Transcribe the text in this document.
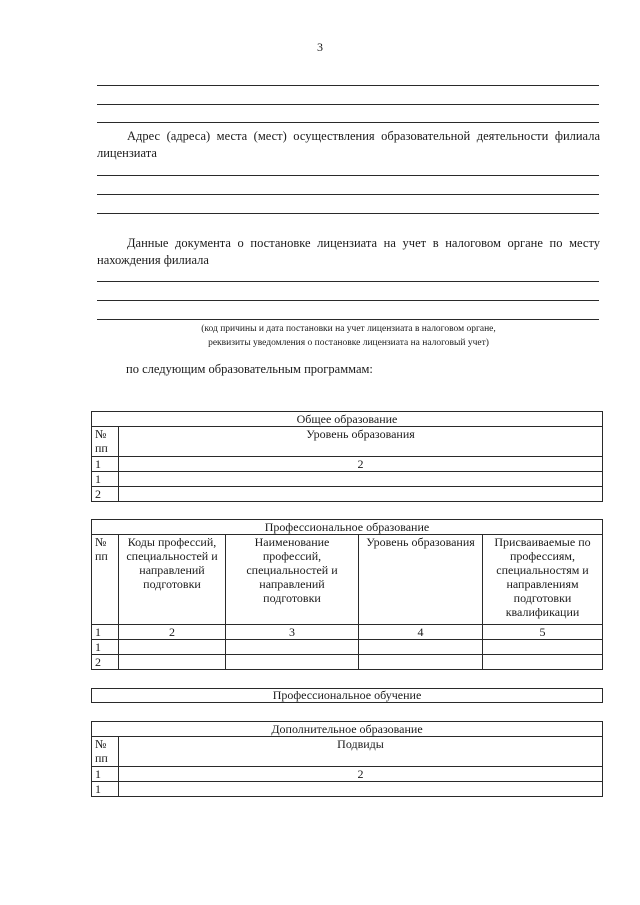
3
Адрес (адреса) места (мест) осуществления образовательной деятельности филиала лицензиата
Данные документа о постановке лицензиата на учет в налоговом органе по месту нахождения филиала
(код причины и дата постановки на учет лицензиата в налоговом органе,
реквизиты уведомления о постановке лицензиата на налоговый учет)
по следующим образовательным программам:
Общее образование	
№ пп	Уровень образования
1	2
1	
2	
Профессиональное образование				
№ пп	Коды профессий, специальностей и направлений подготовки	Наименование профессий, специальностей и направлений подготовки	Уровень образования	Присваиваемые по профессиям, специальностям и направлениям подготовки квалификации
1	2	3	4	5
1				
2				
Профессиональное обучение
Дополнительное образование	
№ пп	Подвиды
1	2
1	
